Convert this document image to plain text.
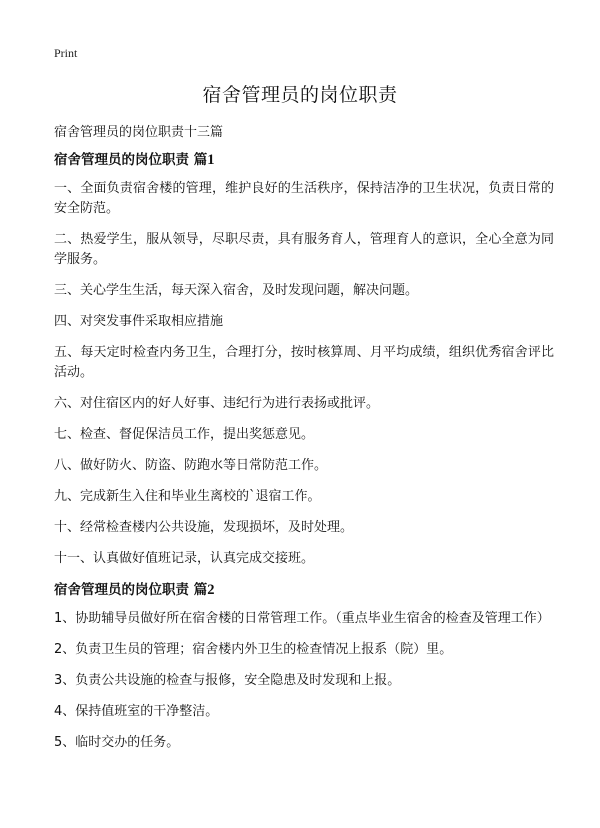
Print
宿舍管理员的岗位职责
宿舍管理员的岗位职责十三篇
宿舍管理员的岗位职责 篇1

一、全面负责宿舍楼的管理，维护良好的生活秩序，保持洁净的卫生状况，负责日常的安全防范。

二、热爱学生，服从领导，尽职尽责，具有服务育人，管理育人的意识，全心全意为同学服务。

三、关心学生生活，每天深入宿舍，及时发现问题，解决问题。

四、对突发事件采取相应措施

五、每天定时检查内务卫生，合理打分，按时核算周、月平均成绩，组织优秀宿舍评比活动。

六、对住宿区内的好人好事、违纪行为进行表扬或批评。

七、检查、督促保洁员工作，提出奖惩意见。

八、做好防火、防盗、防跑水等日常防范工作。

九、完成新生入住和毕业生离校的`退宿工作。

十、经常检查楼内公共设施，发现损坏，及时处理。

十一、认真做好值班记录，认真完成交接班。

宿舍管理员的岗位职责 篇2

1、协助辅导员做好所在宿舍楼的日常管理工作。（重点毕业生宿舍的检查及管理工作）

2、负责卫生员的管理；宿舍楼内外卫生的检查情况上报系（院）里。

3、负责公共设施的检查与报修，安全隐患及时发现和上报。

4、保持值班室的干净整洁。

5、临时交办的任务。
